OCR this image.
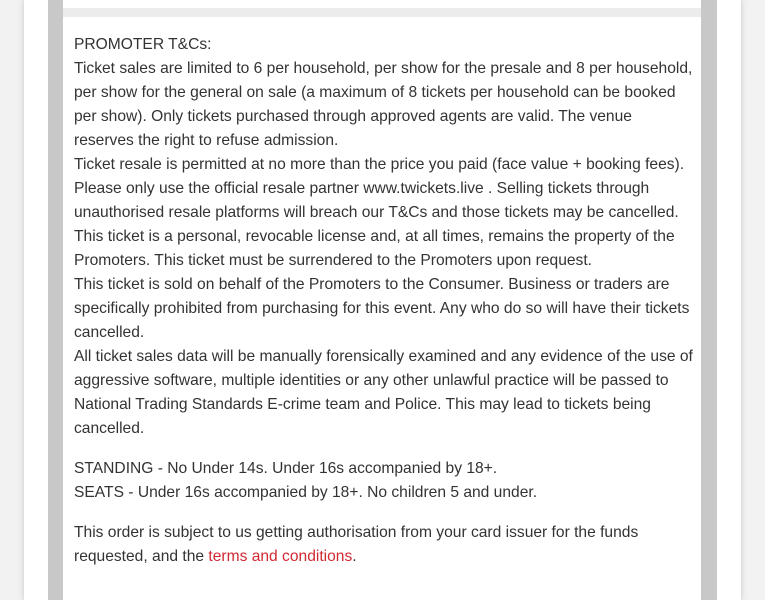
PROMOTER T&Cs:

Ticket sales are limited to 6 per household, per show for the presale and 8 per household, per show for the general on sale (a maximum of 8 tickets per household can be booked per show). Only tickets purchased through approved agents are valid. The venue reserves the right to refuse admission.

Ticket resale is permitted at no more than the price you paid (face value + booking fees). Please only use the official resale partner www.twickets.live . Selling tickets through unauthorised resale platforms will breach our T&Cs and those tickets may be cancelled.

This ticket is a personal, revocable license and, at all times, remains the property of the Promoters. This ticket must be surrendered to the Promoters upon request.

This ticket is sold on behalf of the Promoters to the Consumer. Business or traders are specifically prohibited from purchasing for this event. Any who do so will have their tickets cancelled.

All ticket sales data will be manually forensically examined and any evidence of the use of aggressive software, multiple identities or any other unlawful practice will be passed to National Trading Standards E-crime team and Police. This may lead to tickets being cancelled.

STANDING - No Under 14s. Under 16s accompanied by 18+.

SEATS - Under 16s accompanied by 18+. No children 5 and under.

This order is subject to us getting authorisation from your card issuer for the funds requested, and the terms and conditions.
